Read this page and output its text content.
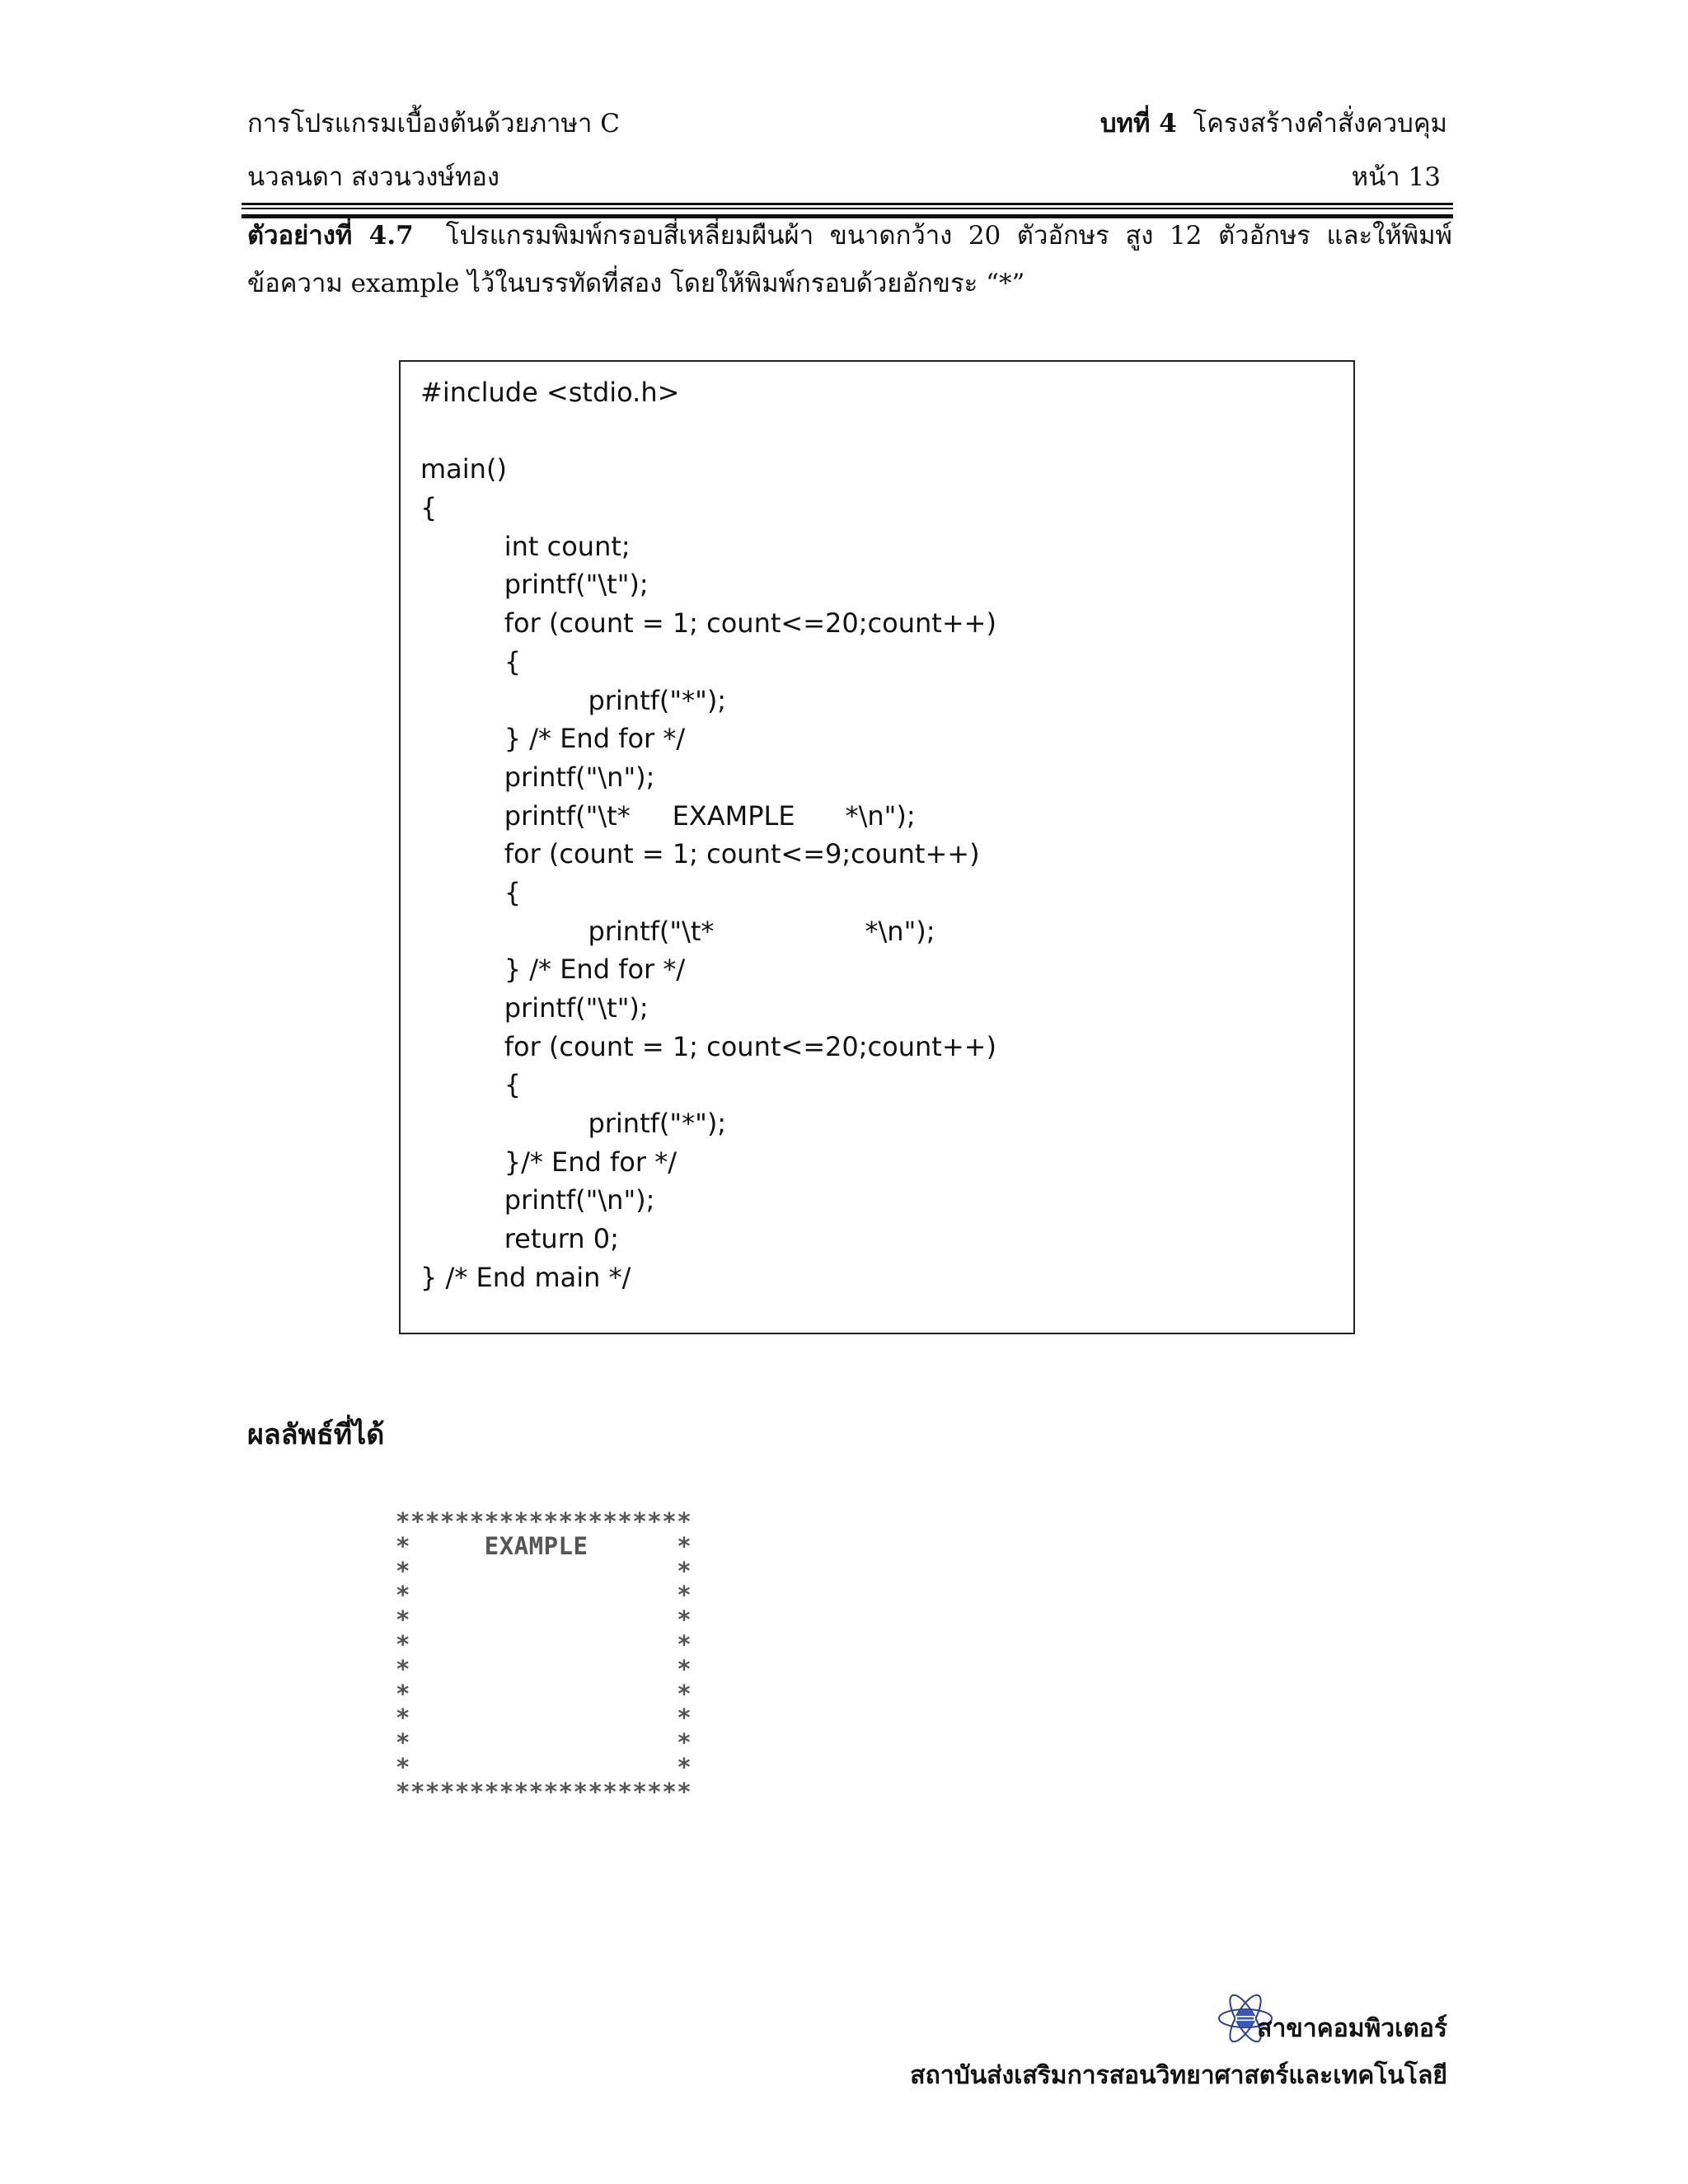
การโปรแกรมเบื้องต้นด้วยภาษา C
นวลนดา สงวนวงษ์ทอง
บทที่ 4 โครงสร้างคำสั่งควบคุม
หน้า 13
ตัวอย่างที่ 4.7 โปรแกรมพิมพ์กรอบสี่เหลี่ยมผืนผ้า ขนาดกว้าง 20 ตัวอักษร สูง 12 ตัวอักษร และให้พิมพ์ข้อความ example ไว้ในบรรทัดที่สอง โดยให้พิมพ์กรอบด้วยอักขระ “*”
#include <stdio.h>
main()
{
int count;
printf("\t");
for (count = 1; count<=20;count++)
{
printf("*");
} /* End for */
printf("\n");
printf("\t*     EXAMPLE      *\n");
for (count = 1; count<=9;count++)
{
printf("\t*                  *\n");
} /* End for */
printf("\t");
for (count = 1; count<=20;count++)
{
printf("*");
}/* End for */
printf("\n");
return 0;
} /* End main */
ผลลัพธ์ที่ได้
********************
*     EXAMPLE      *
*                  *
*                  *
*                  *
*                  *
*                  *
*                  *
*                  *
*                  *
*                  *
********************
สาขาคอมพิวเตอร์
สถาบันส่งเสริมการสอนวิทยาศาสตร์และเทคโนโลยี
